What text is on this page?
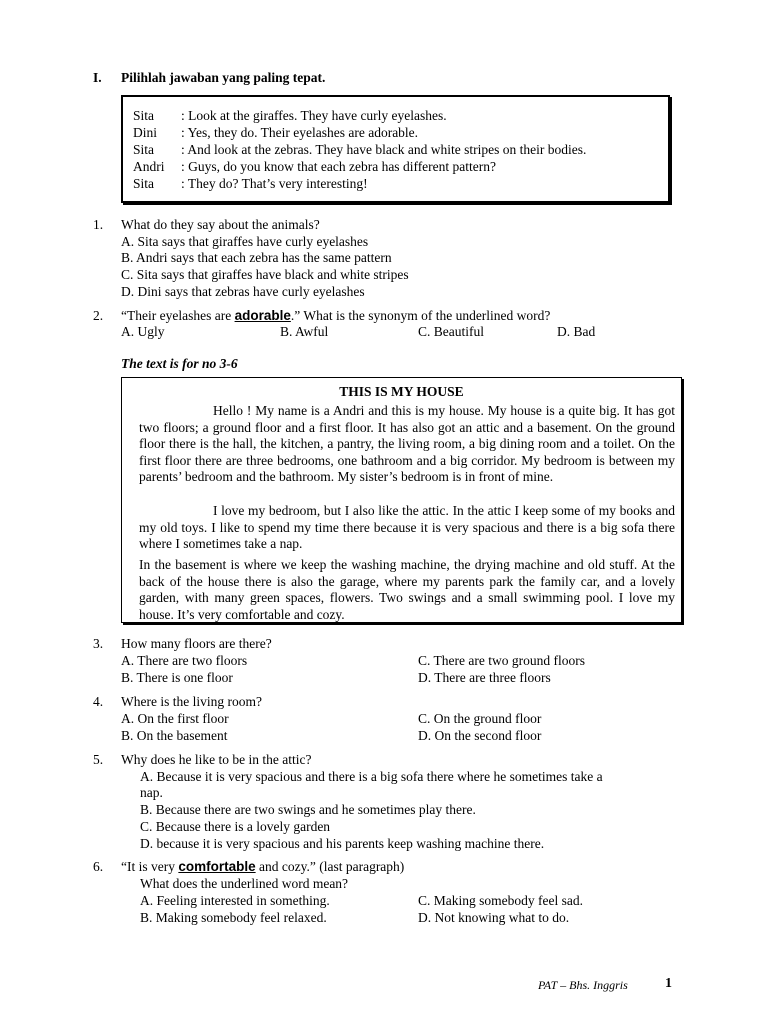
I. Pilihlah jawaban yang paling tepat.
Sita : Look at the giraffes. They have curly eyelashes.
Dini : Yes, they do. Their eyelashes are adorable.
Sita : And look at the zebras. They have black and white stripes on their bodies.
Andri : Guys, do you know that each zebra has different pattern?
Sita : They do? That’s very interesting!
1. What do they say about the animals?
A. Sita says that giraffes have curly eyelashes
B. Andri says that each zebra has the same pattern
C. Sita says that giraffes have black and white stripes
D. Dini says that zebras have curly eyelashes
2. “Their eyelashes are adorable.” What is the synonym of the underlined word?
A. Ugly	B. Awful	C. Beautiful	D. Bad
The text is for no 3-6
THIS IS MY HOUSE

Hello ! My name is a Andri and this is my house. My house is a quite big. It has got two floors; a ground floor and a first floor. It has also got an attic and a basement. On the ground floor there is the hall, the kitchen, a pantry, the living room, a big dining room and a toilet. On the first floor there are three bedrooms, one bathroom and a big corridor. My bedroom is between my parents’ bedroom and the bathroom. My sister’s bedroom is in front of mine.

I love my bedroom, but I also like the attic. In the attic I keep some of my books and my old toys. I like to spend my time there because it is very spacious and there is a big sofa there where I sometimes take a nap.

In the basement is where we keep the washing machine, the drying machine and old stuff. At the back of the house there is also the garage, where my parents park the family car, and a lovely garden, with many green spaces, flowers. Two swings and a small swimming pool. I love my house. It’s very comfortable and cozy.

3. How many floors are there?
A. There are two floors	C. There are two ground floors
B. There is one floor	D. There are three floors
4. Where is the living room?
A. On the first floor	C. On the ground floor
B. On the basement	D. On the second floor
5. Why does he like to be in the attic?
A. Because it is very spacious and there is a big sofa there where he sometimes take a
nap.
B. Because there are two swings and he sometimes play there.
C. Because there is a lovely garden
D. because it is very spacious and his parents keep washing machine there.
6. “It is very comfortable and cozy.” (last paragraph)
What does the underlined word mean?
A. Feeling interested in something.	C. Making somebody feel sad.
B. Making somebody feel relaxed.	D. Not knowing what to do.
PAT – Bhs. Inggris	1
